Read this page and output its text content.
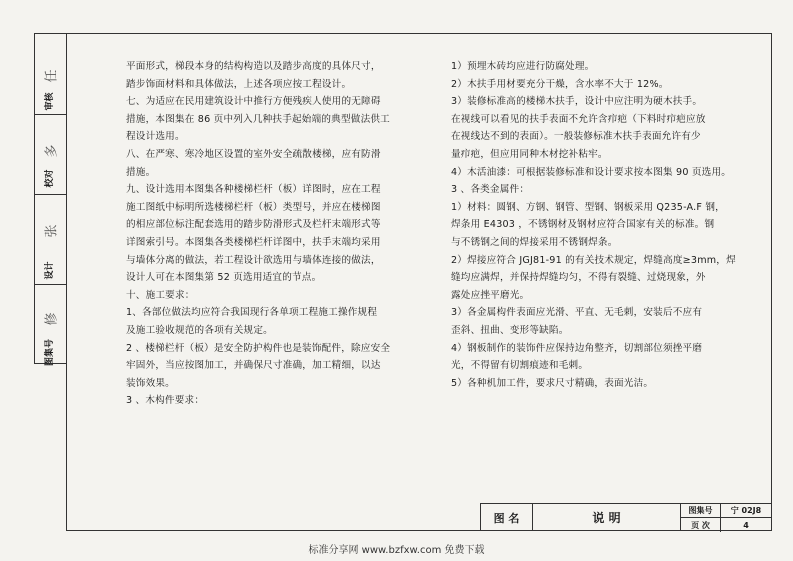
任
审核
多
校对
张
设计
修
图集号

平面形式，梯段本身的结构构造以及踏步高度的具体尺寸，

踏步饰面材料和具体做法，上述各项应按工程设计。

七、为适应在民用建筑设计中推行方便残疾人使用的无障碍

措施，本图集在 86 页中列入几种扶手起始端的典型做法供工

程设计选用。

八、在严寒、寒冷地区设置的室外安全疏散楼梯，应有防滑

措施。

九、设计选用本图集各种楼梯栏杆（板）详图时，应在工程

施工图纸中标明所选楼梯栏杆（板）类型号，并应在楼梯图

的相应部位标注配套选用的踏步防滑形式及栏杆末端形式等

详图索引号。本图集各类楼梯栏杆详图中，扶手末端均采用

与墙体分离的做法，若工程设计欲选用与墙体连接的做法，

设计人可在本图集第 52 页选用适宜的节点。

十、施工要求：

1、各部位做法均应符合我国现行各单项工程施工操作规程

及施工验收规范的各项有关规定。

2 、楼梯栏杆（板）是安全防护构件也是装饰配件，除应安全

牢固外，当应按图加工，并确保尺寸准确，加工精细，以达

装饰效果。

3 、木构件要求：

1）预埋木砖均应进行防腐处理。

2）木扶手用材要充分干燥，含水率不大于 12%。

3）装修标准高的楼梯木扶手，设计中应注明为硬木扶手。

在视线可以看见的扶手表面不允许含疖疤（下料时疖疤应放

在视线达不到的表面）。一般装修标准木扶手表面允许有少

量疖疤，但应用同种木材挖补粘牢。

4）木活油漆：可根据装修标准和设计要求按本图集 90 页选用。

3 、各类金属件：

1）材料：圆钢、方钢、钢管、型钢、钢板采用 Q235-A.F 钢，

焊条用 E4303 ，不锈钢材及钢材应符合国家有关的标准。钢

与不锈钢之间的焊接采用不锈钢焊条。

2）焊接应符合 JGJ81-91 的有关技术规定，焊缝高度≥3mm，焊

缝均应满焊，并保持焊缝均匀，不得有裂缝、过烧现象，外

露处应挫平磨光。

3）各金属构件表面应光滑、平直、无毛刺，安装后不应有

歪斜、扭曲、变形等缺陷。

4）钢板制作的装饰件应保持边角整齐，切割部位须挫平磨

光，不得留有切割痕迹和毛刺。

5）各种机加工件，要求尺寸精确，表面光洁。

图 名	说 明
图集号	宁 02J8
页 次	4
标准分享网 www.bzfxw.com 免费下载
